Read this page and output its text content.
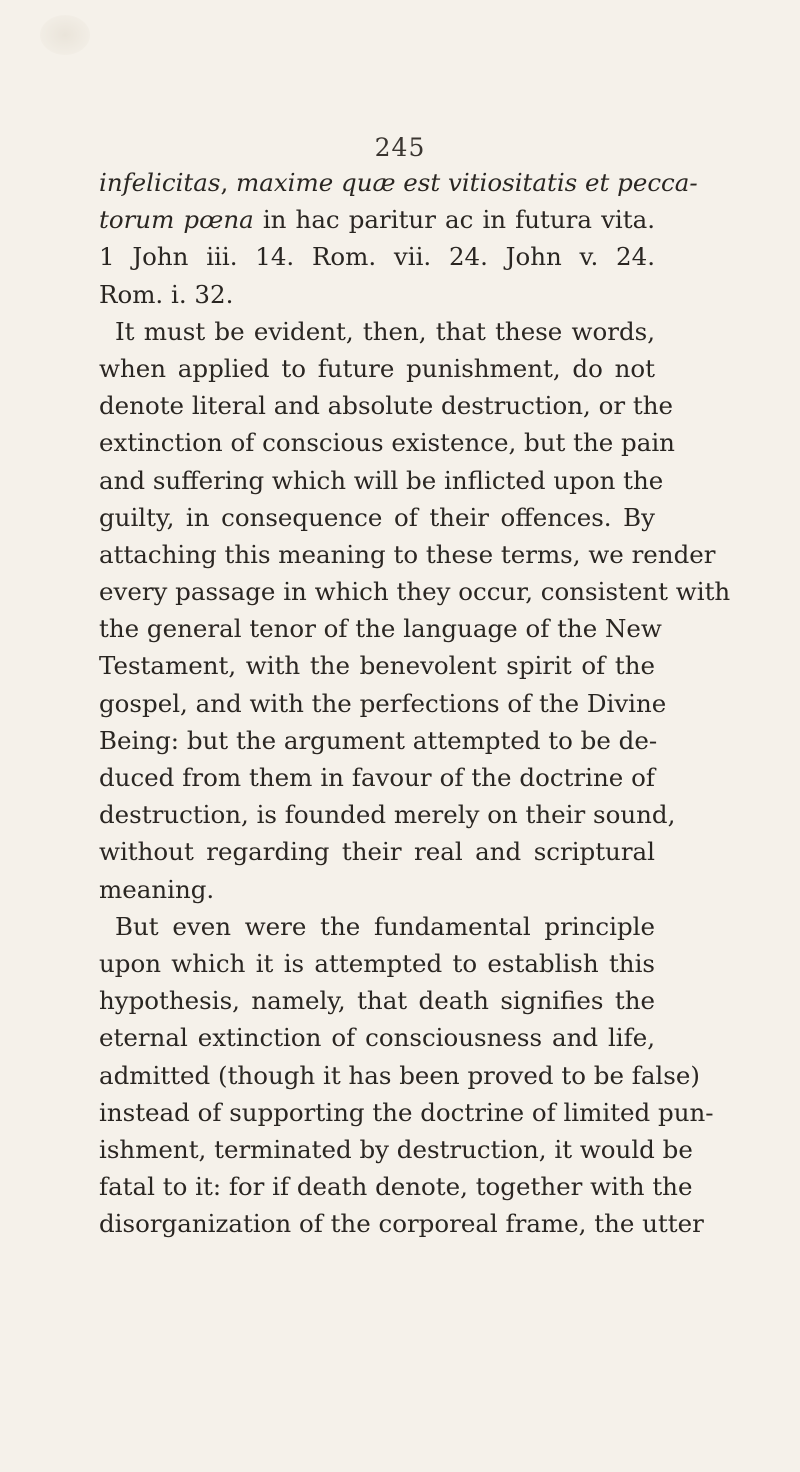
245
infelicitas, maxime quæ est vitiositatis et pecca-
torum pœna in hac paritur ac in futura vita.
1 John iii. 14. Rom. vii. 24. John v. 24.
Rom. i. 32.
It must be evident, then, that these words,
when applied to future punishment, do not
denote literal and absolute destruction, or the
extinction of conscious existence, but the pain
and suffering which will be inflicted upon the
guilty, in consequence of their offences. By
attaching this meaning to these terms, we render
every passage in which they occur, consistent with
the general tenor of the language of the New
Testament, with the benevolent spirit of the
gospel, and with the perfections of the Divine
Being: but the argument attempted to be de-
duced from them in favour of the doctrine of
destruction, is founded merely on their sound,
without regarding their real and scriptural
meaning.
But even were the fundamental principle
upon which it is attempted to establish this
hypothesis, namely, that death signifies the
eternal extinction of consciousness and life,
admitted (though it has been proved to be false)
instead of supporting the doctrine of limited pun-
ishment, terminated by destruction, it would be
fatal to it: for if death denote, together with the
disorganization of the corporeal frame, the utter
